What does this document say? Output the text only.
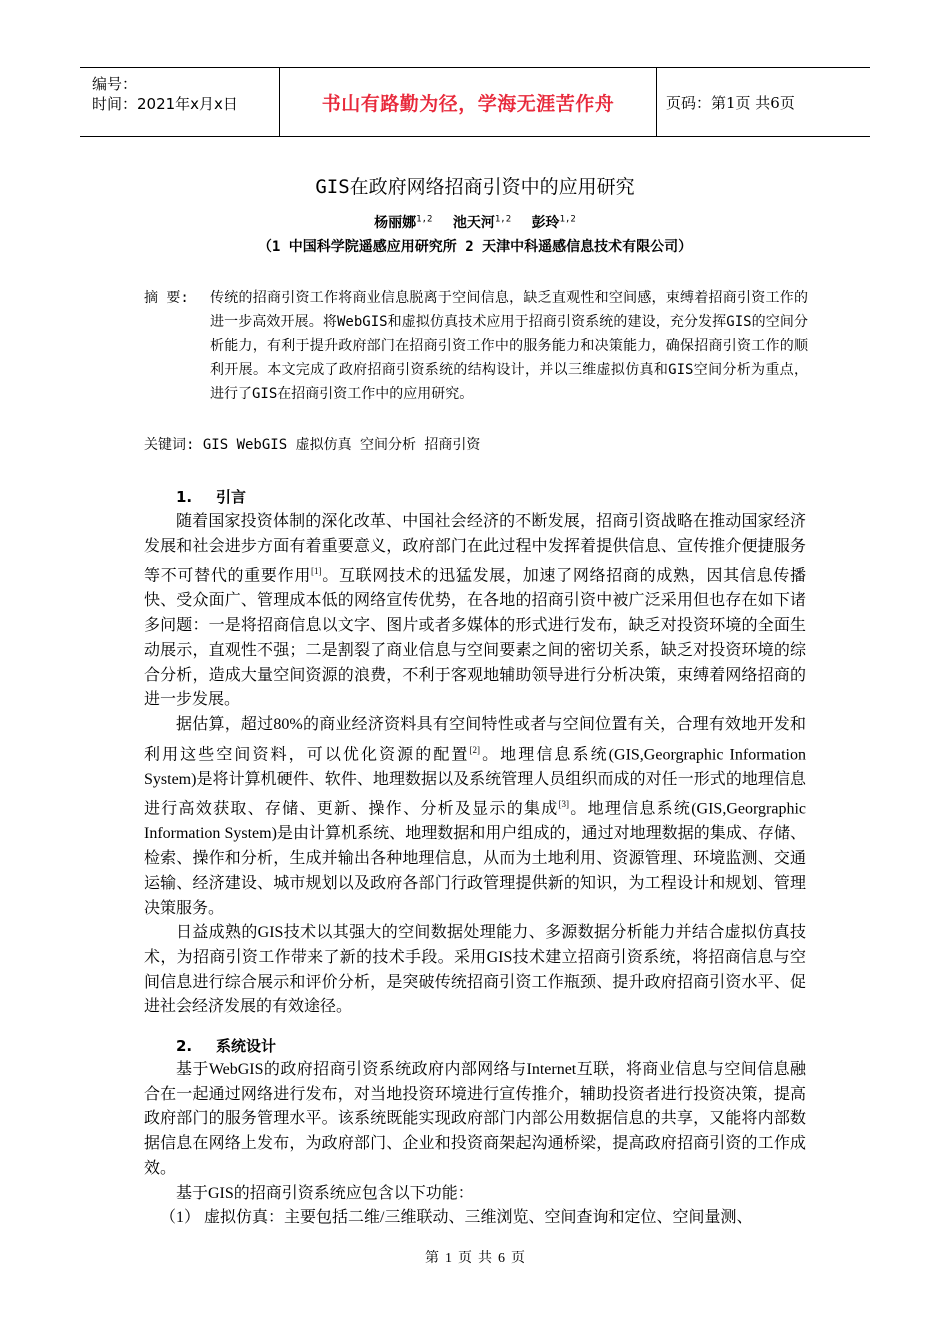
编号：
时间：2021年x月x日	书山有路勤为径，学海无涯苦作舟	页码：第1页 共6页
GIS在政府网络招商引资中的应用研究
杨丽娜$^{1,2}$ 池天河$^{1,2}$ 彭玲$^{1,2}$
（1 中国科学院遥感应用研究所 2 天津中科遥感信息技术有限公司）
摘 要: 传统的招商引资工作将商业信息脱离于空间信息，缺乏直观性和空间感，束缚着招商引资工作的进一步高效开展。将WebGIS和虚拟仿真技术应用于招商引资系统的建设，充分发挥GIS的空间分析能力，有利于提升政府部门在招商引资工作中的服务能力和决策能力，确保招商引资工作的顺利开展。本文完成了政府招商引资系统的结构设计，并以三维虚拟仿真和GIS空间分析为重点，进行了GIS在招商引资工作中的应用研究。
关键词: GIS WebGIS 虚拟仿真 空间分析 招商引资
1. 引言

随着国家投资体制的深化改革、中国社会经济的不断发展，招商引资战略在推动国家经济发展和社会进步方面有着重要意义，政府部门在此过程中发挥着提供信息、宣传推介便捷服务等不可替代的重要作用[1]。互联网技术的迅猛发展，加速了网络招商的成熟，因其信息传播快、受众面广、管理成本低的网络宣传优势，在各地的招商引资中被广泛采用但也存在如下诸多问题：一是将招商信息以文字、图片或者多媒体的形式进行发布，缺乏对投资环境的全面生动展示，直观性不强；二是割裂了商业信息与空间要素之间的密切关系，缺乏对投资环境的综合分析，造成大量空间资源的浪费，不利于客观地辅助领导进行分析决策，束缚着网络招商的进一步发展。

据估算，超过80%的商业经济资料具有空间特性或者与空间位置有关，合理有效地开发和利用这些空间资料，可以优化资源的配置[2]。地理信息系统(GIS,Georgraphic Information System)是将计算机硬件、软件、地理数据以及系统管理人员组织而成的对任一形式的地理信息进行高效获取、存储、更新、操作、分析及显示的集成[3]。地理信息系统(GIS,Georgraphic Information System)是由计算机系统、地理数据和用户组成的，通过对地理数据的集成、存储、检索、操作和分析，生成并输出各种地理信息，从而为土地利用、资源管理、环境监测、交通运输、经济建设、城市规划以及政府各部门行政管理提供新的知识，为工程设计和规划、管理决策服务。

日益成熟的GIS技术以其强大的空间数据处理能力、多源数据分析能力并结合虚拟仿真技术，为招商引资工作带来了新的技术手段。采用GIS技术建立招商引资系统，将招商信息与空间信息进行综合展示和评价分析，是突破传统招商引资工作瓶颈、提升政府招商引资水平、促进社会经济发展的有效途径。

2. 系统设计

基于WebGIS的政府招商引资系统政府内部网络与Internet互联，将商业信息与空间信息融合在一起通过网络进行发布，对当地投资环境进行宣传推介，辅助投资者进行投资决策，提高政府部门的服务管理水平。该系统既能实现政府部门内部公用数据信息的共享，又能将内部数据信息在网络上发布，为政府部门、企业和投资商架起沟通桥梁，提高政府招商引资的工作成效。

基于GIS的招商引资系统应包含以下功能：

（1） 虚拟仿真：主要包括二维/三维联动、三维浏览、空间查询和定位、空间量测、

第 1 页 共 6 页
